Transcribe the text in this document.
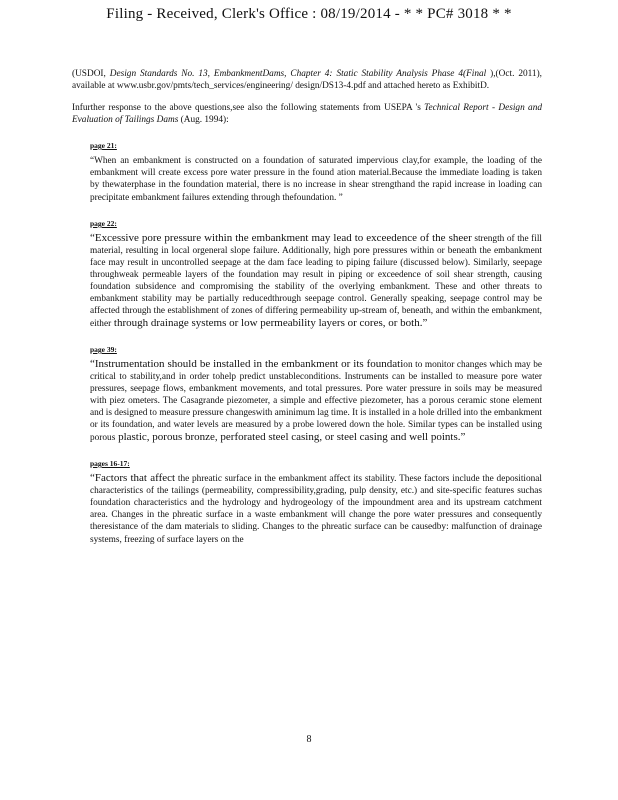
Filing - Received, Clerk's Office : 08/19/2014 - * * PC# 3018 * *

(USDOI, Design Standards No. 13, EmbankmentDams, Chapter 4: Static Stability Analysis Phase 4(Final ),(Oct. 2011), available at www.usbr.gov/pmts/tech_services/engineering/ design/DS13-4.pdf and attached hereto as ExhibitD.

Infurther response to the above questions,see also the following statements from USEPA 's Technical Report - Design and Evaluation of Tailings Dams (Aug. 1994):

page 21:

“When an embankment is constructed on a foundation of saturated impervious clay,for example, the loading of the embankment will create excess pore water pressure in the found ation material.Because the immediate loading is taken by thewaterphase in the foundation material, there is no increase in shear strengthand the rapid increase in loading can precipitate embankment failures extending through thefoundation. ”

page 22:

“Excessive pore pressure within the embankment may lead to exceedence of the sheer strength of the fill material, resulting in local orgeneral slope failure. Additionally, high pore pressures within or beneath the embankment face may result in uncontrolled seepage at the dam face leading to piping failure (discussed below). Similarly, seepage throughweak permeable layers of the foundation may result in piping or exceedence of soil shear strength, causing foundation subsidence and compromising the stability of the overlying embankment. These and other threats to embankment stability may be partially reducedthrough seepage control. Generally speaking, seepage control may be affected through the establishment of zones of differing permeability up-stream of, beneath, and within the embankment, either through drainage systems or low permeability layers or cores, or both.”

page 39:

“Instrumentation should be installed in the embankment or its foundation to monitor changes which may be critical to stability,and in order tohelp predict unstableconditions. Instruments can be installed to measure pore water pressures, seepage flows, embankment movements, and total pressures. Pore water pressure in soils may be measured with piez ometers. The Casagrande piezometer, a simple and effective piezometer, has a porous ceramic stone element and is designed to measure pressure changeswith aminimum lag time. It is installed in a hole drilled into the embankment or its foundation, and water levels are measured by a probe lowered down the hole. Similar types can be installed using porous plastic, porous bronze, perforated steel casing, or steel casing and well points.”

pages 16-17:

“Factors that affect the phreatic surface in the embankment affect its stability. These factors include the depositional characteristics of the tailings (permeability, compressibility,grading, pulp density, etc.) and site-specific features suchas foundation characteristics and the hydrology and hydrogeology of the impoundment area and its upstream catchment area. Changes in the phreatic surface in a waste embankment will change the pore water pressures and consequently theresistance of the dam materials to sliding. Changes to the phreatic surface can be causedby: malfunction of drainage systems, freezing of surface layers on the

8
